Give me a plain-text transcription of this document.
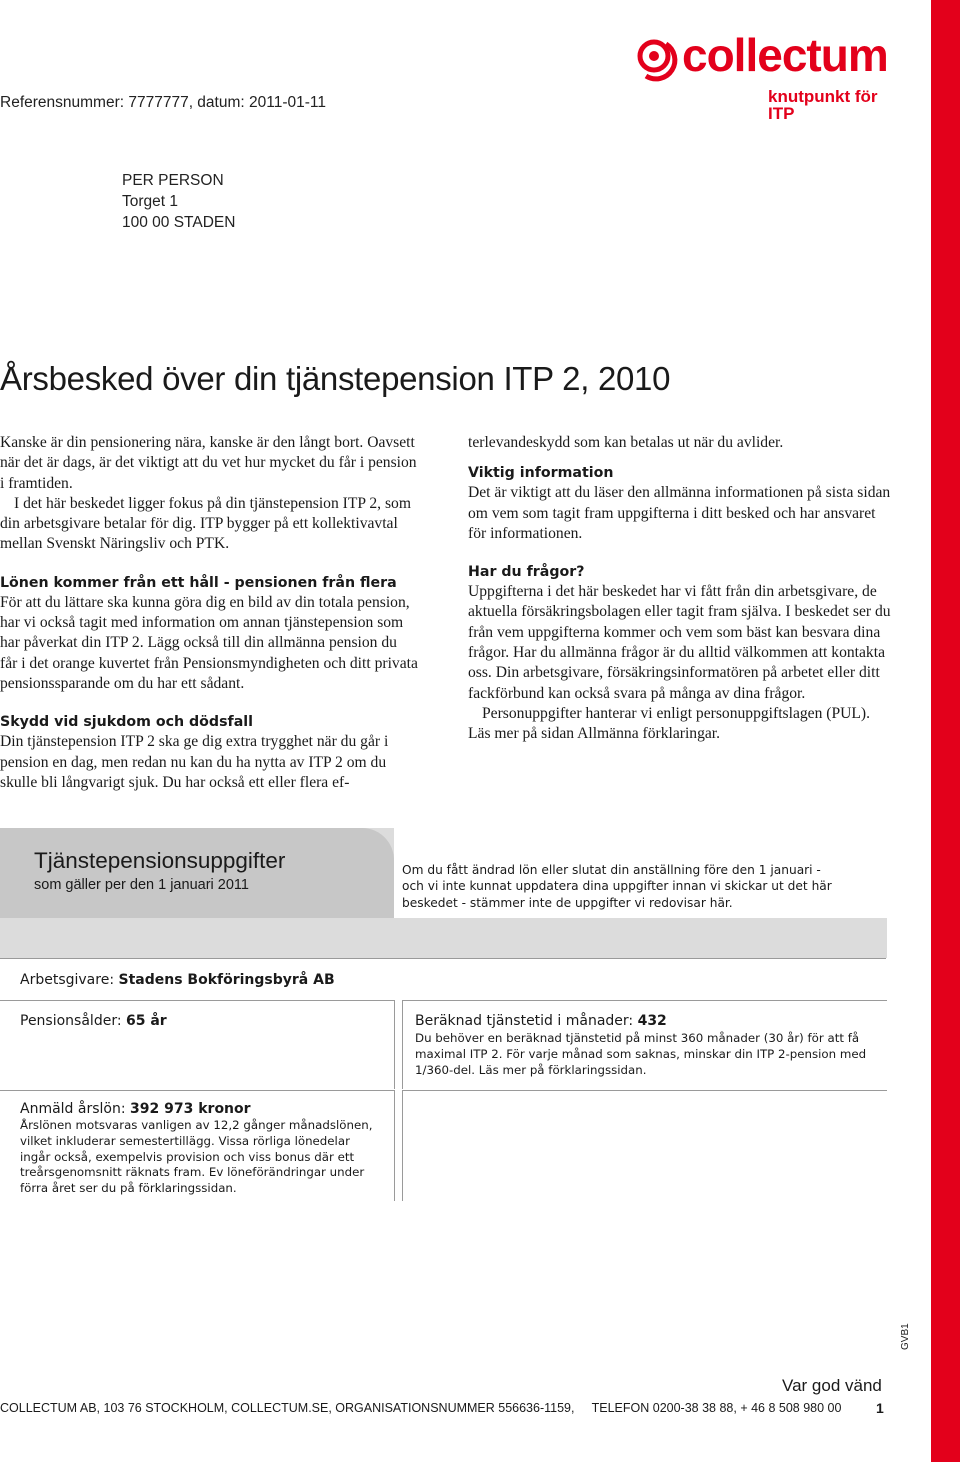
collectum
knutpunkt för ITP
Referensnummer: 7777777, datum: 2011-01-11
PER PERSON
Torget 1
100 00 STADEN
Årsbesked över din tjänstepension ITP 2, 2010

Kanske är din pensionering nära, kanske är den långt bort. Oavsett när det är dags, är det viktigt att du vet hur mycket du får i pension i framtiden.

I det här beskedet ligger fokus på din tjänstepension ITP 2, som din arbetsgivare betalar för dig. ITP bygger på ett kollektivavtal mellan Svenskt Näringsliv och PTK.

Lönen kommer från ett håll - pensionen från flera

För att du lättare ska kunna göra dig en bild av din totala pension, har vi också tagit med information om annan tjänstepension som har påverkat din ITP 2. Lägg också till din allmänna pension du får i det orange kuvertet från Pensionsmyndigheten och ditt privata pensionssparande om du har ett sådant.

Skydd vid sjukdom och dödsfall

Din tjänstepension ITP 2 ska ge dig extra trygghet när du går i pension en dag, men redan nu kan du ha nytta av ITP 2 om du skulle bli långvarigt sjuk. Du har också ett eller flera ef-

terlevandeskydd som kan betalas ut när du avlider.

Viktig information

Det är viktigt att du läser den allmänna informationen på sista sidan om vem som tagit fram uppgifterna i ditt besked och har ansvaret för informationen.

Har du frågor?

Uppgifterna i det här beskedet har vi fått från din arbetsgivare, de aktuella försäkringsbolagen eller tagit fram själva. I beskedet ser du från vem uppgifterna kommer och vem som bäst kan besvara dina frågor. Har du allmänna frågor är du alltid välkommen att kontakta oss. Din arbetsgivare, försäkringsinformatören på arbetet eller ditt fackförbund kan också svara på många av dina frågor.

Personuppgifter hanterar vi enligt personuppgiftslagen (PUL). Läs mer på sidan Allmänna förklaringar.

Tjänstepensionsuppgifter
som gäller per den 1 januari 2011
Om du fått ändrad lön eller slutat din anställning före den 1 januari - och vi inte kunnat uppdatera dina uppgifter innan vi skickar ut det här beskedet - stämmer inte de uppgifter vi redovisar här.
Arbetsgivare: Stadens Bokföringsbyrå AB
Pensionsålder: 65 år	Beräknad tjänstetid i månader: 432
Du behöver en beräknad tjänstetid på minst 360 månader (30 år) för att få maximal ITP 2. För varje månad som saknas, minskar din ITP 2-pension med 1/360-del. Läs mer på förklaringssidan.
Anmäld årslön: 392 973 kronor
Årslönen motsvaras vanligen av 12,2 gånger månadslönen, vilket inkluderar semestertillägg. Vissa rörliga lönedelar ingår också, exempelvis provision och viss bonus där ett treårsgenomsnitt räknats fram. Ev löneförändringar under förra året ser du på förklaringssidan.
GVB1
Var god vänd
COLLECTUM AB, 103 76 STOCKHOLM, COLLECTUM.SE, ORGANISATIONSNUMMER 556636-1159,     TELEFON 0200-38 38 88, + 46 8 508 980 00 1
